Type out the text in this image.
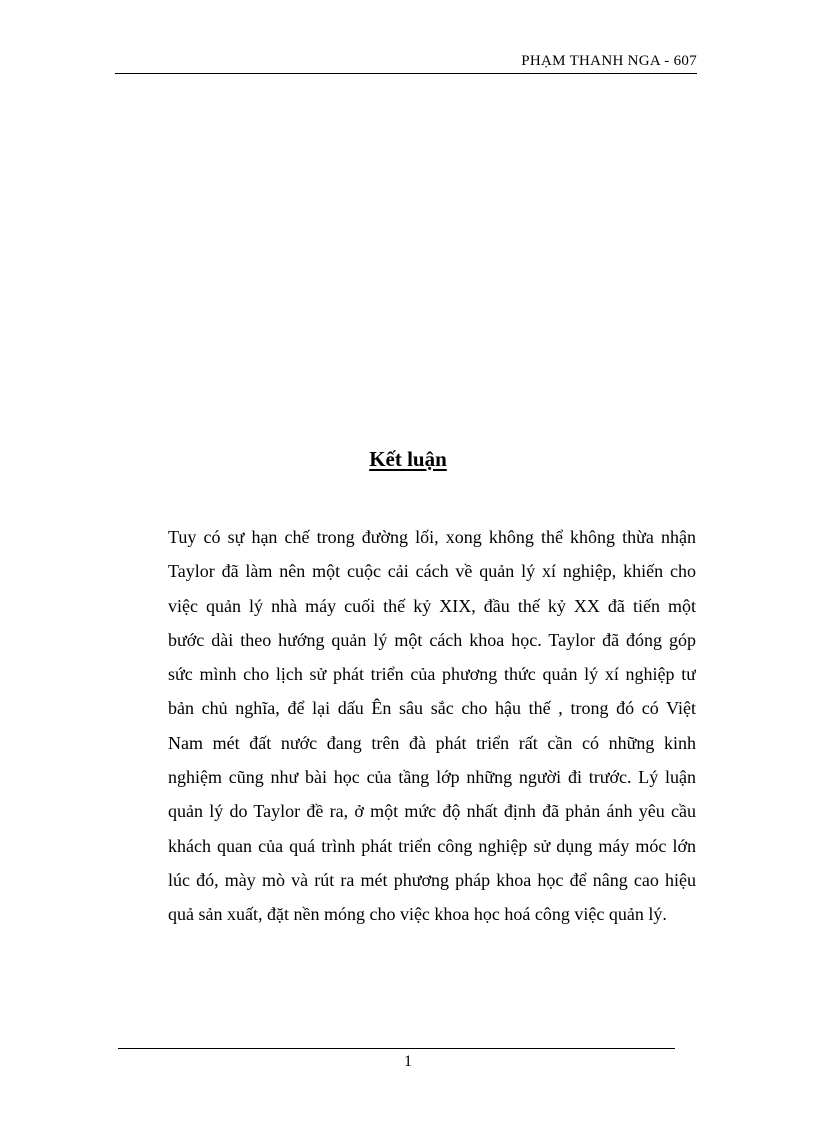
PHẠM THANH NGA - 607
Kết luận
Tuy có sự hạn chế trong đường lối, xong không thể không thừa nhận
Taylor đã làm nên một cuộc cải cách về quản lý xí nghiệp, khiến cho
việc quản lý nhà máy cuối thế kỷ XIX, đầu thế kỷ XX đã tiến một
bước dài theo hướng quản lý một cách khoa học. Taylor đã đóng góp
sức mình cho lịch sử phát triển của phương thức quản lý xí nghiệp tư
bản chủ nghĩa, để lại dấu Ên sâu sắc cho hậu thế , trong đó có Việt
Nam mét đất nước đang trên đà phát triển rất cần có những kinh
nghiệm cũng như bài học của tầng lớp những người đi trước. Lý luận
quản lý do Taylor đề ra, ở một mức độ nhất định đã phản ánh yêu cầu
khách quan của quá trình phát triển công nghiệp sử dụng máy móc lớn
lúc đó, mày mò và rút ra mét phương pháp khoa học để nâng cao hiệu
quả sản xuất, đặt nền móng cho việc khoa học hoá công việc quản lý.
1
